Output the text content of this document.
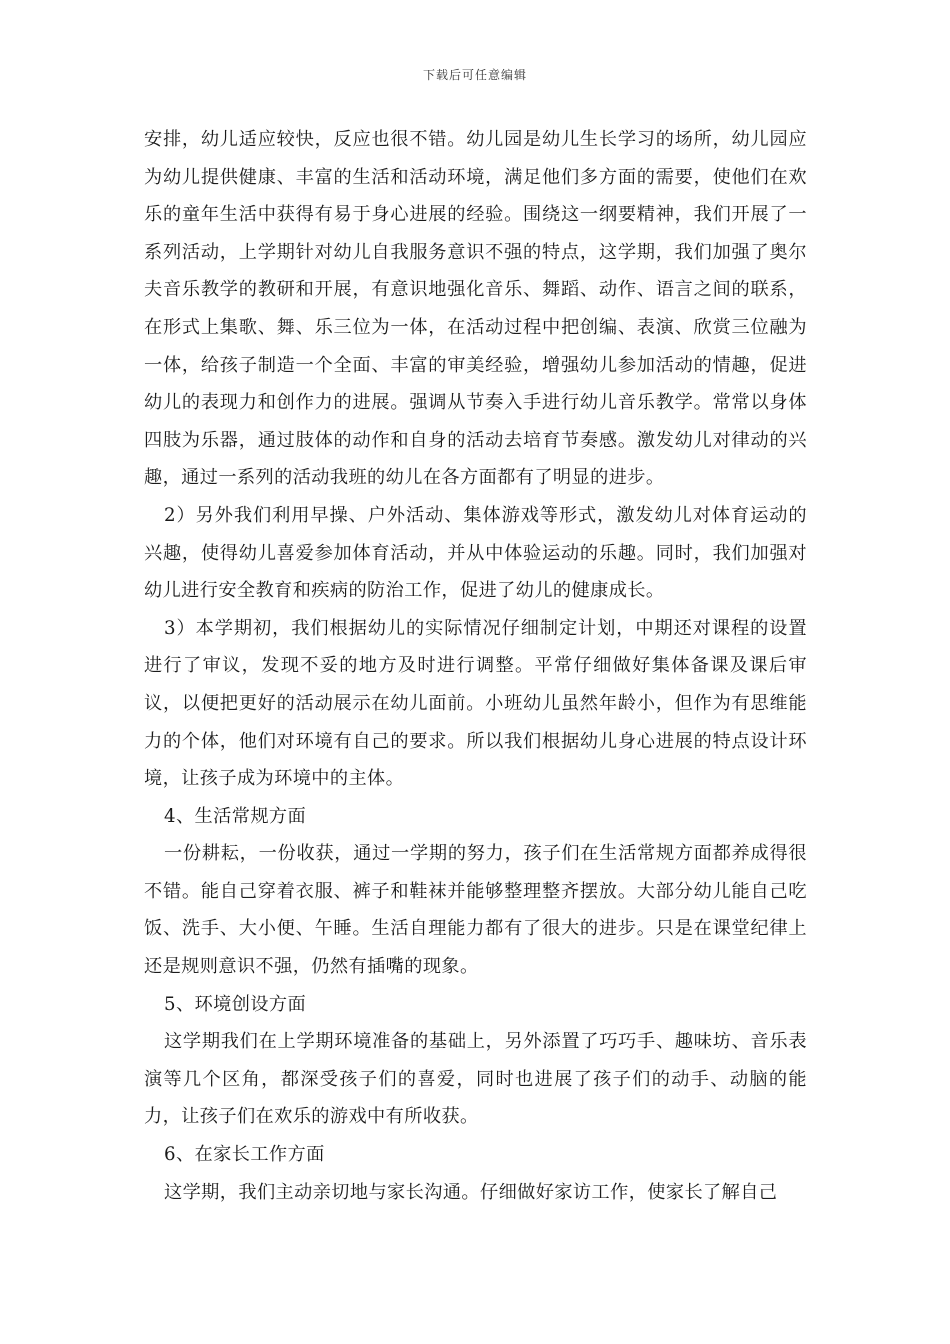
下载后可任意编辑

安排，幼儿适应较快，反应也很不错。幼儿园是幼儿生长学习的场所，幼儿园应为幼儿提供健康、丰富的生活和活动环境，满足他们多方面的需要，使他们在欢乐的童年生活中获得有易于身心进展的经验。围绕这一纲要精神，我们开展了一系列活动，上学期针对幼儿自我服务意识不强的特点，这学期，我们加强了奥尔夫音乐教学的教研和开展，有意识地强化音乐、舞蹈、动作、语言之间的联系，在形式上集歌、舞、乐三位为一体，在活动过程中把创编、表演、欣赏三位融为一体，给孩子制造一个全面、丰富的审美经验，增强幼儿参加活动的情趣，促进幼儿的表现力和创作力的进展。强调从节奏入手进行幼儿音乐教学。常常以身体四肢为乐器，通过肢体的动作和自身的活动去培育节奏感。激发幼儿对律动的兴趣，通过一系列的活动我班的幼儿在各方面都有了明显的进步。

2）另外我们利用早操、户外活动、集体游戏等形式，激发幼儿对体育运动的兴趣，使得幼儿喜爱参加体育活动，并从中体验运动的乐趣。同时，我们加强对幼儿进行安全教育和疾病的防治工作，促进了幼儿的健康成长。

3）本学期初，我们根据幼儿的实际情况仔细制定计划，中期还对课程的设置进行了审议，发现不妥的地方及时进行调整。平常仔细做好集体备课及课后审议，以便把更好的活动展示在幼儿面前。小班幼儿虽然年龄小，但作为有思维能力的个体，他们对环境有自己的要求。所以我们根据幼儿身心进展的特点设计环境，让孩子成为环境中的主体。

4、生活常规方面

一份耕耘，一份收获，通过一学期的努力，孩子们在生活常规方面都养成得很不错。能自己穿着衣服、裤子和鞋袜并能够整理整齐摆放。大部分幼儿能自己吃饭、洗手、大小便、午睡。生活自理能力都有了很大的进步。只是在课堂纪律上还是规则意识不强，仍然有插嘴的现象。

5、环境创设方面

这学期我们在上学期环境准备的基础上，另外添置了巧巧手、趣味坊、音乐表演等几个区角，都深受孩子们的喜爱，同时也进展了孩子们的动手、动脑的能力，让孩子们在欢乐的游戏中有所收获。

6、在家长工作方面

这学期，我们主动亲切地与家长沟通。仔细做好家访工作，使家长了解自己
